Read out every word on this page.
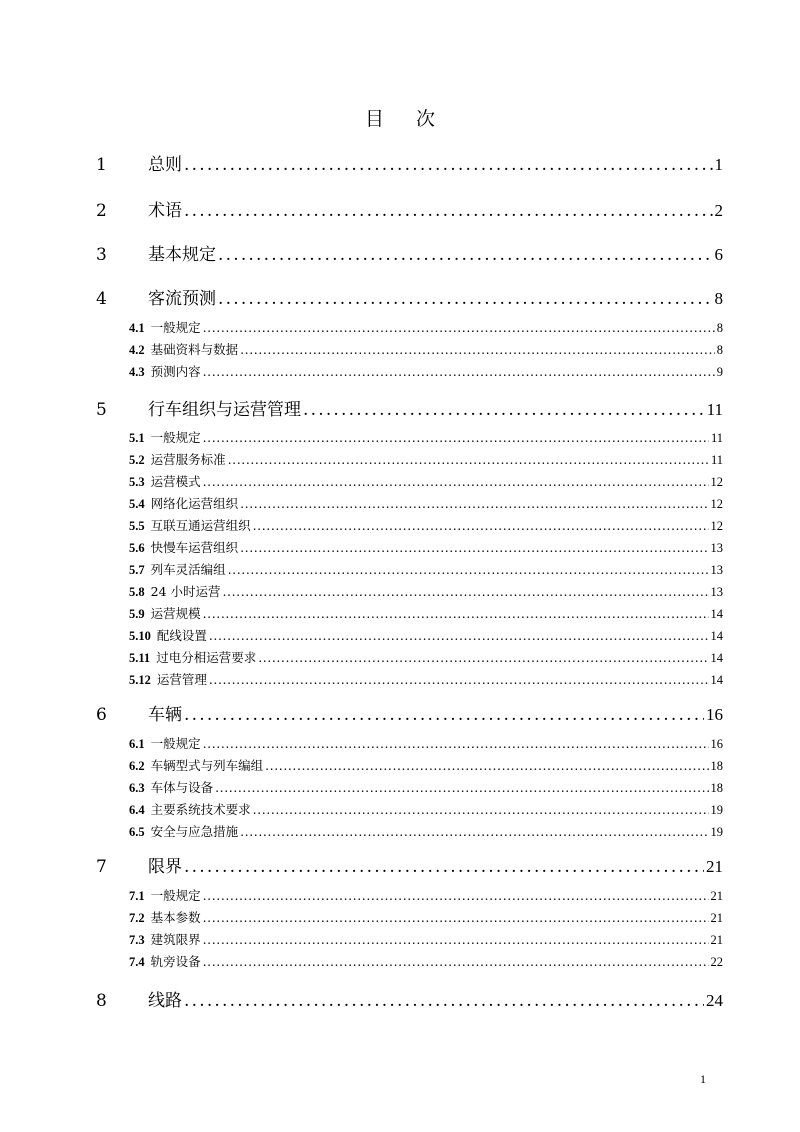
目 次
1	总则 . . .	1
2	术语 . . .	2
3	基本规定 . . .	6
4	客流预测 . . .	8
4.1 一般规定 . . .	8
4.2 基础资料与数据 . . .	8
4.3 预测内容 . . .	9
5	行车组织与运营管理 . . .	11
5.1 一般规定 . . .	11
5.2 运营服务标准 . . .	11
5.3 运营模式 . . .	12
5.4 网络化运营组织 . . .	12
5.5 互联互通运营组织 . . .	12
5.6 快慢车运营组织 . . .	13
5.7 列车灵活编组 . . .	13
5.8 24 小时运营 . . .	13
5.9 运营规模 . . .	14
5.10 配线设置 . . .	14
5.11 过电分相运营要求 . . .	14
5.12 运营管理 . . .	14
6	车辆 . . .	16
6.1 一般规定 . . .	16
6.2 车辆型式与列车编组 . . .	18
6.3 车体与设备 . . .	18
6.4 主要系统技术要求 . . .	19
6.5 安全与应急措施 . . .	19
7	限界 . . .	21
7.1 一般规定 . . .	21
7.2 基本参数 . . .	21
7.3 建筑限界 . . .	21
7.4 轨旁设备 . . .	22
8	线路 . . .	24
1
